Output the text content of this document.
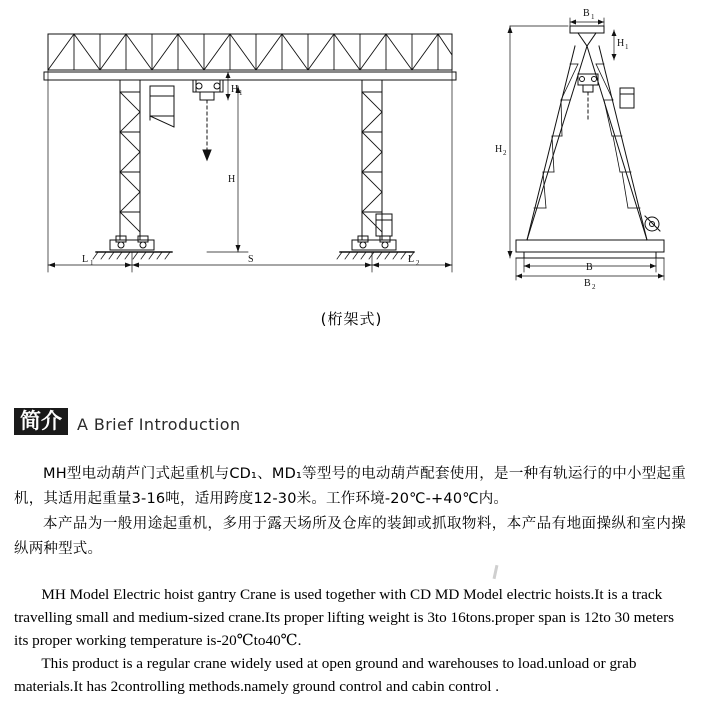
L 1	S	L 2
H
H 1
B 1
H 1
H 2
B
B 2
(桁架式)
简介 A Brief Introduction

MH型电动葫芦门式起重机与CD₁、MD₁等型号的电动葫芦配套使用，是一种有轨运行的中小型起重机，其适用起重量3-16吨，适用跨度12-30米。工作环境-20℃-+40℃内。

本产品为一般用途起重机，多用于露天场所及仓库的装卸或抓取物料，本产品有地面操纵和室内操纵两种型式。

MH Model Electric hoist gantry Crane is used together with CD MD Model electric hoists.It is a track travelling small and medium-sized crane.Its proper lifting weight is 3to 16tons.proper span is 12to 30 meters its proper working temperature is-20℃to40℃.

This product is a regular crane widely used at open ground and warehouses to load.unload or grab materials.It has 2controlling methods.namely ground control and cabin control .
